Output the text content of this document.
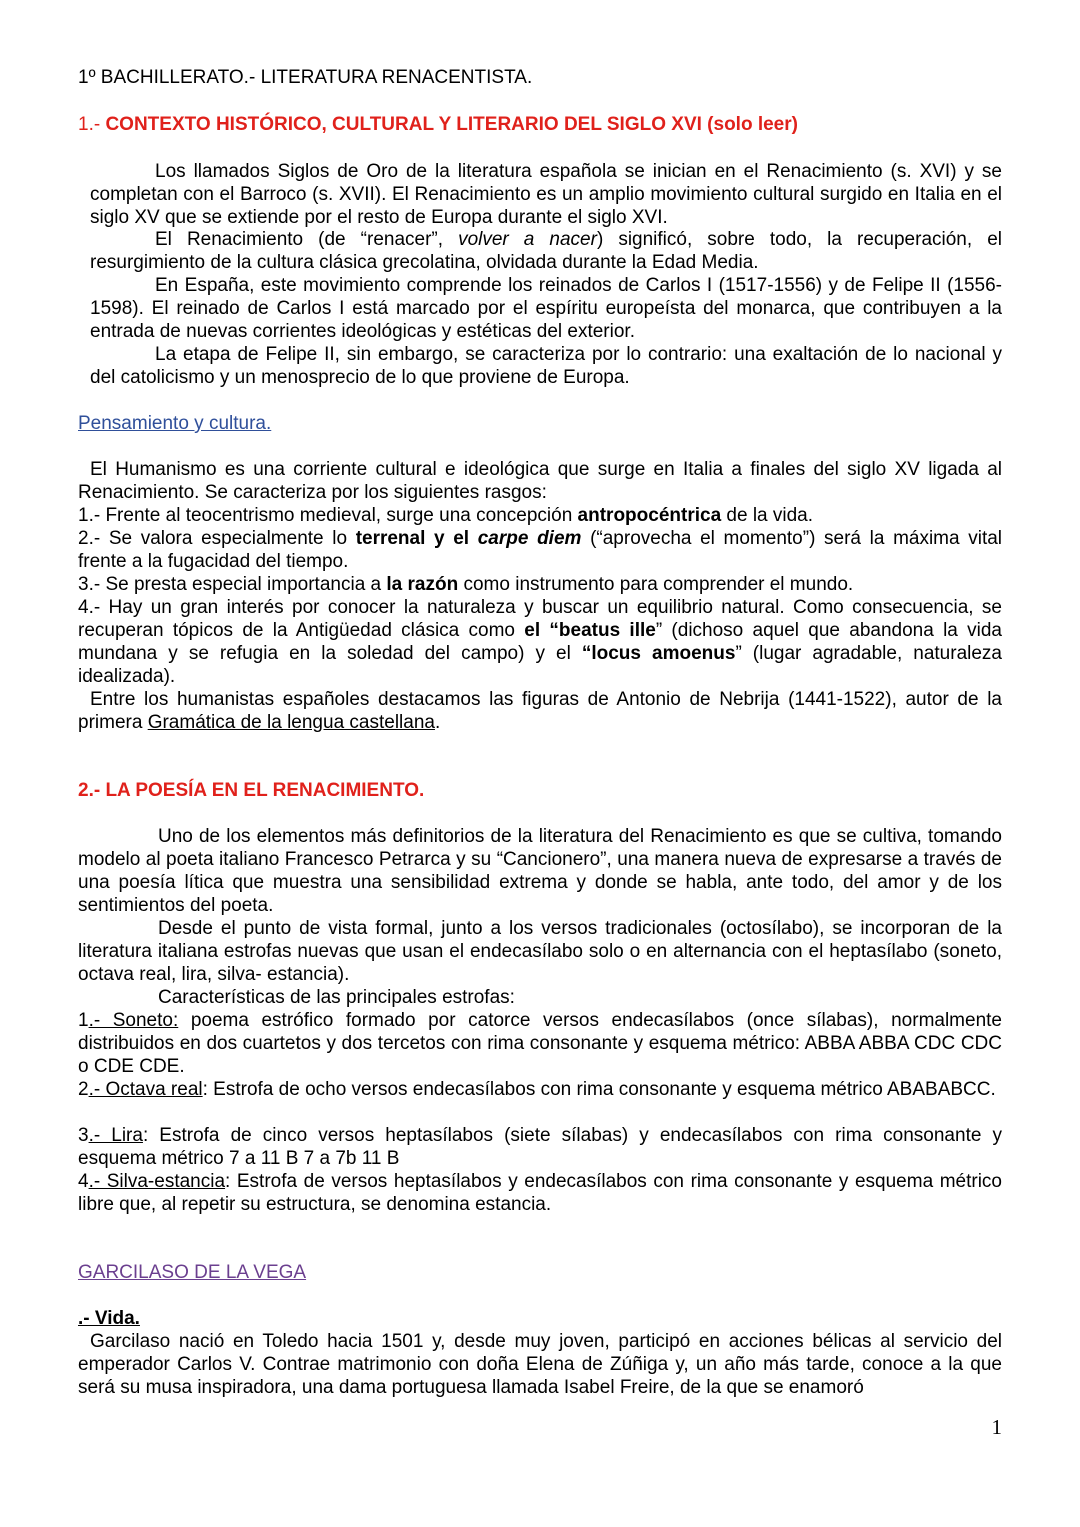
1º BACHILLERATO.- LITERATURA RENACENTISTA.
1.- CONTEXTO HISTÓRICO, CULTURAL Y LITERARIO DEL SIGLO XVI (solo leer)
Los llamados Siglos de Oro de la literatura española se inician en el Renacimiento (s. XVI) y se completan con el Barroco (s. XVII). El Renacimiento es un amplio movimiento cultural surgido en Italia en el siglo XV que se extiende por el resto de Europa durante el siglo XVI.
El Renacimiento (de “renacer”, volver a nacer) significó, sobre todo, la recuperación, el resurgimiento de la cultura clásica grecolatina, olvidada durante la Edad Media.
En España, este movimiento comprende los reinados de Carlos I (1517-1556) y de Felipe II (1556-1598). El reinado de Carlos I está marcado por el espíritu europeísta del monarca, que contribuyen a la entrada de nuevas corrientes ideológicas y estéticas del exterior.
La etapa de Felipe II, sin embargo, se caracteriza por lo contrario: una exaltación de lo nacional y del catolicismo y un menosprecio de lo que proviene de Europa.
Pensamiento y cultura.
El Humanismo es una corriente cultural e ideológica que surge en Italia a finales del siglo XV ligada al Renacimiento. Se caracteriza por los siguientes rasgos:
1.- Frente al teocentrismo medieval, surge una concepción antropocéntrica de la vida.
2.- Se valora especialmente lo terrenal y el carpe diem (“aprovecha el momento”) será la máxima vital frente a la fugacidad del tiempo.
3.- Se presta especial importancia a la razón como instrumento para comprender el mundo.
4.- Hay un gran interés por conocer la naturaleza y buscar un equilibrio natural. Como consecuencia, se recuperan tópicos de la Antigüedad clásica como el “beatus ille” (dichoso aquel que abandona la vida mundana y se refugia en la soledad del campo) y el “locus amoenus” (lugar agradable, naturaleza idealizada).
Entre los humanistas españoles destacamos las figuras de Antonio de Nebrija (1441-1522), autor de la primera Gramática de la lengua castellana.
2.- LA POESÍA EN EL RENACIMIENTO.
Uno de los elementos más definitorios de la literatura del Renacimiento es que se cultiva, tomando modelo al poeta italiano Francesco Petrarca y su “Cancionero”, una manera nueva de expresarse a través de una poesía lítica que muestra una sensibilidad extrema y donde se habla, ante todo, del amor y de los sentimientos del poeta.
Desde el punto de vista formal, junto a los versos tradicionales (octosílabo), se incorporan de la literatura italiana estrofas nuevas que usan el endecasílabo solo o en alternancia con el heptasílabo (soneto, octava real, lira, silva- estancia).
Características de las principales estrofas:
1.- Soneto: poema estrófico formado por catorce versos endecasílabos (once sílabas), normalmente distribuidos en dos cuartetos y dos tercetos con rima consonante y esquema métrico: ABBA ABBA CDC CDC o CDE CDE.
2.- Octava real: Estrofa de ocho versos endecasílabos con rima consonante y esquema métrico ABABABCC.
3.- Lira: Estrofa de cinco versos heptasílabos (siete sílabas) y endecasílabos con rima consonante y esquema métrico 7 a 11 B 7 a 7b 11 B
4.- Silva-estancia: Estrofa de versos heptasílabos y endecasílabos con rima consonante y esquema métrico libre que, al repetir su estructura, se denomina estancia.
GARCILASO DE LA VEGA
.- Vida.
Garcilaso nació en Toledo hacia 1501 y, desde muy joven, participó en acciones bélicas al servicio del emperador Carlos V. Contrae matrimonio con doña Elena de Zúñiga y, un año más tarde, conoce a la que será su musa inspiradora, una dama portuguesa llamada Isabel Freire, de la que se enamoró
1
